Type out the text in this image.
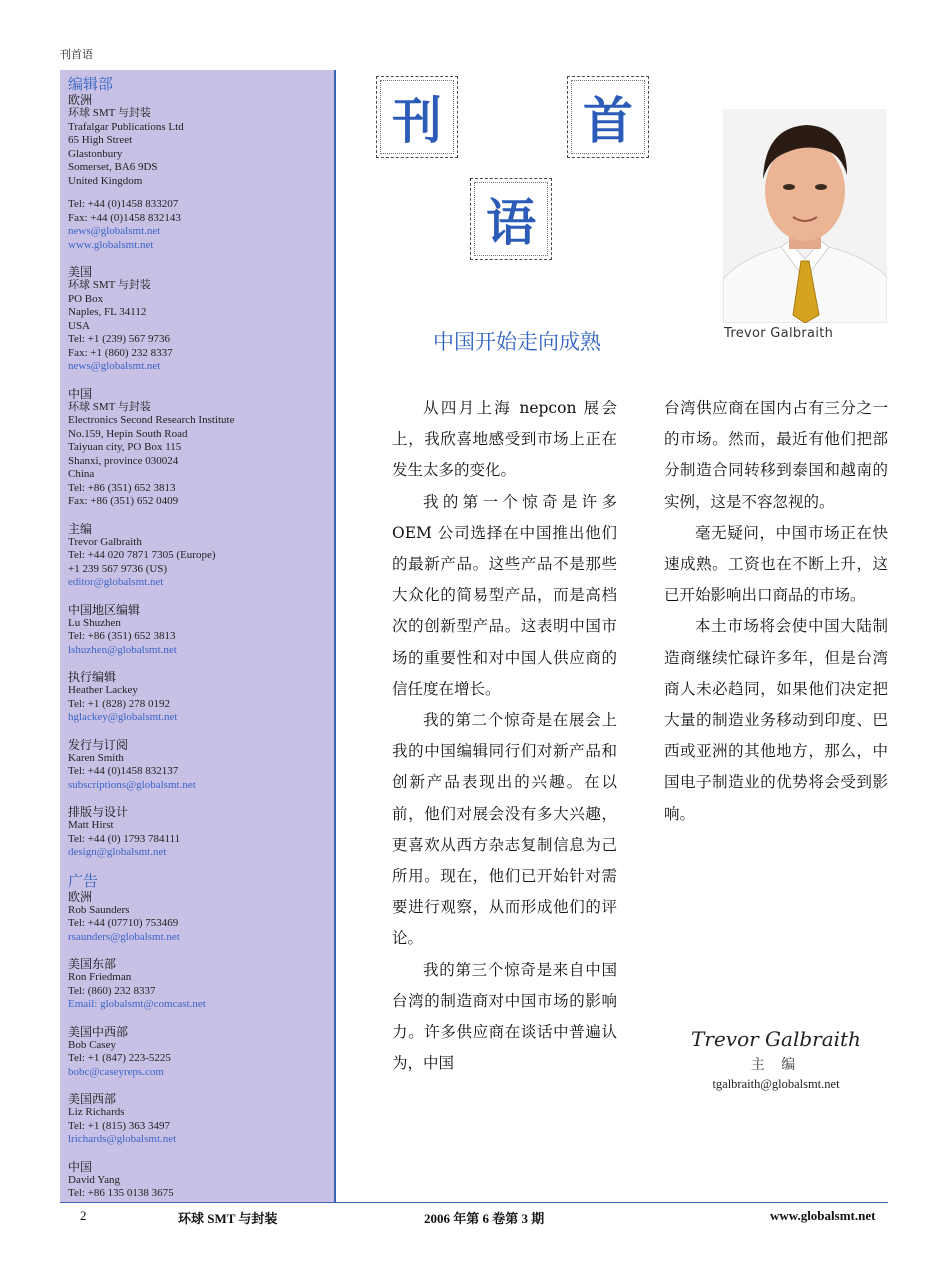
刊首语
编辑部
欧洲
环球 SMT 与封装
Trafalgar Publications Ltd
65 High Street
Glastonbury
Somerset, BA6 9DS
United Kingdom
Tel: +44 (0)1458 833207
Fax: +44 (0)1458 832143
news@globalsmt.net
www.globalsmt.net
美国
环球 SMT 与封装
PO Box
Naples, FL 34112
USA
Tel: +1 (239) 567 9736
Fax: +1 (860) 232 8337
news@globalsmt.net
中国
环球 SMT 与封装
Electronics Second Research Institute
No.159, Hepin South Road
Taiyuan city, PO Box 115
Shanxi, province 030024
China
Tel: +86 (351) 652 3813
Fax: +86 (351) 652 0409
主编
Trevor Galbraith
Tel: +44 020 7871 7305 (Europe)
+1 239 567 9736 (US)
editor@globalsmt.net
中国地区编辑
Lu Shuzhen
Tel: +86 (351) 652 3813
lshuzhen@globalsmt.net
执行编辑
Heather Lackey
Tel: +1 (828) 278 0192
hglackey@globalsmt.net
发行与订阅
Karen Smith
Tel: +44 (0)1458 832137
subscriptions@globalsmt.net
排版与设计
Matt Hirst
Tel: +44 (0) 1793 784111
design@globalsmt.net
广告
欧洲
Rob Saunders
Tel: +44 (07710) 753469
rsaunders@globalsmt.net
美国东部
Ron Friedman
Tel: (860) 232 8337
Email: globalsmt@comcast.net
美国中西部
Bob Casey
Tel: +1 (847) 223-5225
bobc@caseyreps.com
美国西部
Liz Richards
Tel: +1 (815) 363 3497
lrichards@globalsmt.net
中国
David Yang
Tel: +86 135 0138 3675
刊	首
语
Trevor Galbraith
中国开始走向成熟

从四月上海 nepcon 展会上，我欣喜地感受到市场上正在发生太多的变化。

我的第一个惊奇是许多 OEM 公司选择在中国推出他们的最新产品。这些产品不是那些大众化的简易型产品，而是高档次的创新型产品。这表明中国市场的重要性和对中国人供应商的信任度在增长。

我的第二个惊奇是在展会上我的中国编辑同行们对新产品和创新产品表现出的兴趣。在以前，他们对展会没有多大兴趣，更喜欢从西方杂志复制信息为己所用。现在，他们已开始针对需要进行观察，从而形成他们的评论。

我的第三个惊奇是来自中国台湾的制造商对中国市场的影响力。许多供应商在谈话中普遍认为，中国

台湾供应商在国内占有三分之一的市场。然而，最近有他们把部分制造合同转移到泰国和越南的实例，这是不容忽视的。

毫无疑问，中国市场正在快速成熟。工资也在不断上升，这已开始影响出口商品的市场。

本土市场将会使中国大陆制造商继续忙碌许多年，但是台湾商人未必趋同，如果他们决定把大量的制造业务移动到印度、巴西或亚洲的其他地方，那么，中国电子制造业的优势将会受到影响。

Trevor Galbraith
主 编
tgalbraith@globalsmt.net
2	环球 SMT 与封装	2006 年第 6 卷第 3 期	www.globalsmt.net
